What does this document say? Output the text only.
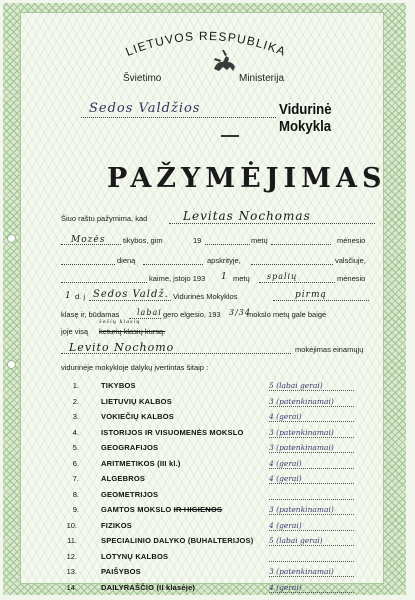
LIETUVOS RESPUBLIKA
Švietimo	Ministerija
Sedos Valdžios	Vidurinė Mokykla
PAŽYMĖJIMAS
Šiuo raštu pažymima, kad	Levitas Nochomas
Mozės tikybos, gim	19	metų	mėnesio
dieną	apskrityje,	valsčiuje,
kaime, įstojo 193 1 metų spalių	mėnesio
1 d. į Sedos Valdž. Vidurinės Mokyklos	pirmą
klasę ir, būdamas labai gero elgesio, 193 3/34
mokslo metų gale baigė
joje visą
šešių klasių
keturių klasių kursą.
Levito Nochomo	mokėjimas einamųjų
vidurinėje mokykloje dalykų įvertintas šitaip :
1.	TIKYBOS	5 (labai gerai)
2.	LIETUVIŲ KALBOS	3 (patenkinamai)
3.	VOKIEČIŲ KALBOS	4 (gerai)
4.	ISTORIJOS IR VISUOMENĖS MOKSLO	3 (patenkinamai)
5.	GEOGRAFIJOS	3 (patenkinamai)
6.	ARITMETIKOS (III kl.)	4 (gerai)
7.	ALGEBROS	4 (gerai)
8.	GEOMETRIJOS
9.	GAMTOS MOKSLO IR HIGIENOS	3 (patenkinamai)
10.	FIZIKOS	4 (gerai)
11.	SPECIALINIO DALYKO (BUHALTERIJOS) 5 (labai gerai)
12.	LOTYNŲ KALBOS
13.	PAIŠYBOS	3 (patenkinamai)
14.	DAILYRAŠČIO (II klasėje)	4 (gerai)
